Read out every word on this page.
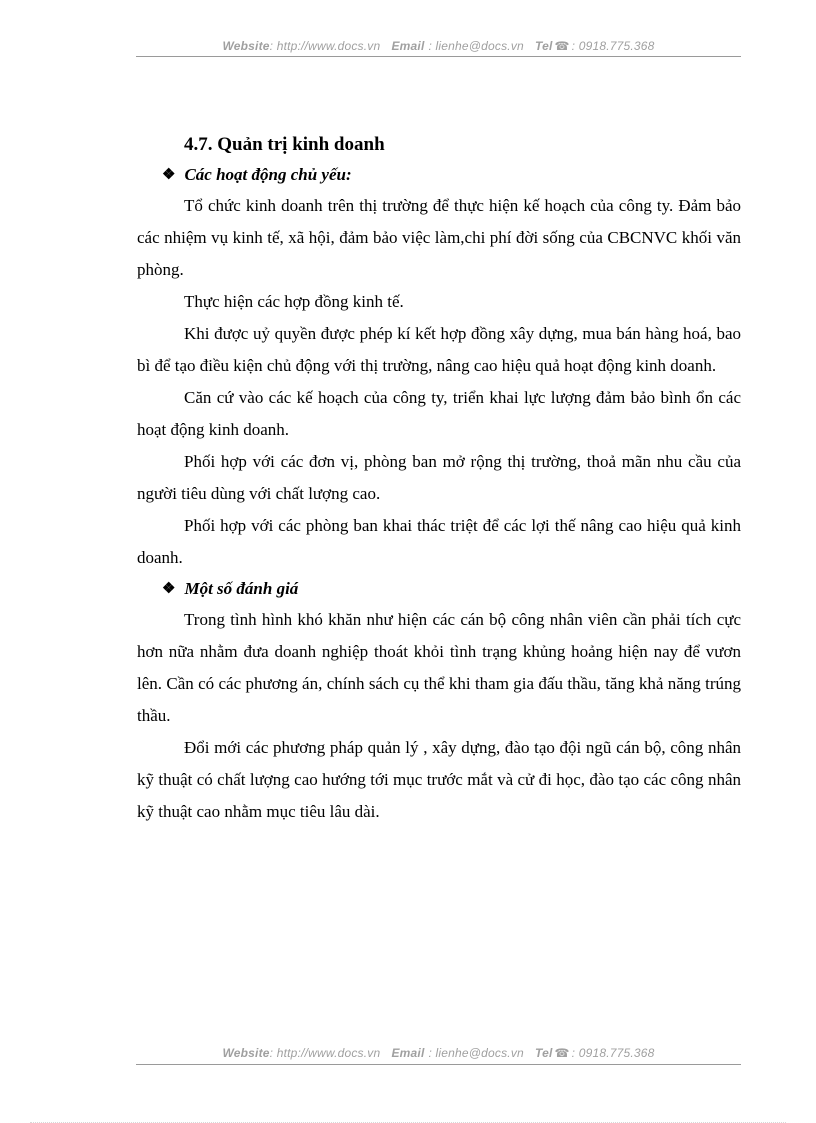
Website: http://www.docs.vn Email : lienhe@docs.vn Tel ☎ : 0918.775.368
4.7. Quản trị kinh doanh
❖ Các hoạt động chủ yếu:

Tổ chức kinh doanh trên thị trường để thực hiện kế hoạch của công ty. Đảm bảo các nhiệm vụ kinh tế, xã hội, đảm bảo việc làm,chi phí đời sống của CBCNVC khối văn phòng.

Thực hiện các hợp đồng kinh tế.

Khi được uỷ quyền được phép kí kết hợp đồng xây dựng, mua bán hàng hoá, bao bì để tạo điều kiện chủ động với thị trường, nâng cao hiệu quả hoạt động kinh doanh.

Căn cứ vào các kế hoạch của công ty, triển khai lực lượng đảm bảo bình ổn các hoạt động kinh doanh.

Phối hợp với các đơn vị, phòng ban mở rộng thị trường, thoả mãn nhu cầu của người tiêu dùng với chất lượng cao.

Phối hợp với các phòng ban khai thác triệt để các lợi thế nâng cao hiệu quả kinh doanh.

❖ Một số đánh giá

Trong tình hình khó khăn như hiện các cán bộ công nhân viên cần phải tích cực hơn nữa nhằm đưa doanh nghiệp thoát khỏi tình trạng khủng hoảng hiện nay để vươn lên. Cần có các phương án, chính sách cụ thể khi tham gia đấu thầu, tăng khả năng trúng thầu.

Đổi mới các phương pháp quản lý , xây dựng, đào tạo đội ngũ cán bộ, công nhân kỹ thuật có chất lượng cao hướng tới mục trước mắt và cử đi học, đào tạo các công nhân kỹ thuật cao nhằm mục tiêu lâu dài.

Website: http://www.docs.vn Email : lienhe@docs.vn Tel ☎ : 0918.775.368
